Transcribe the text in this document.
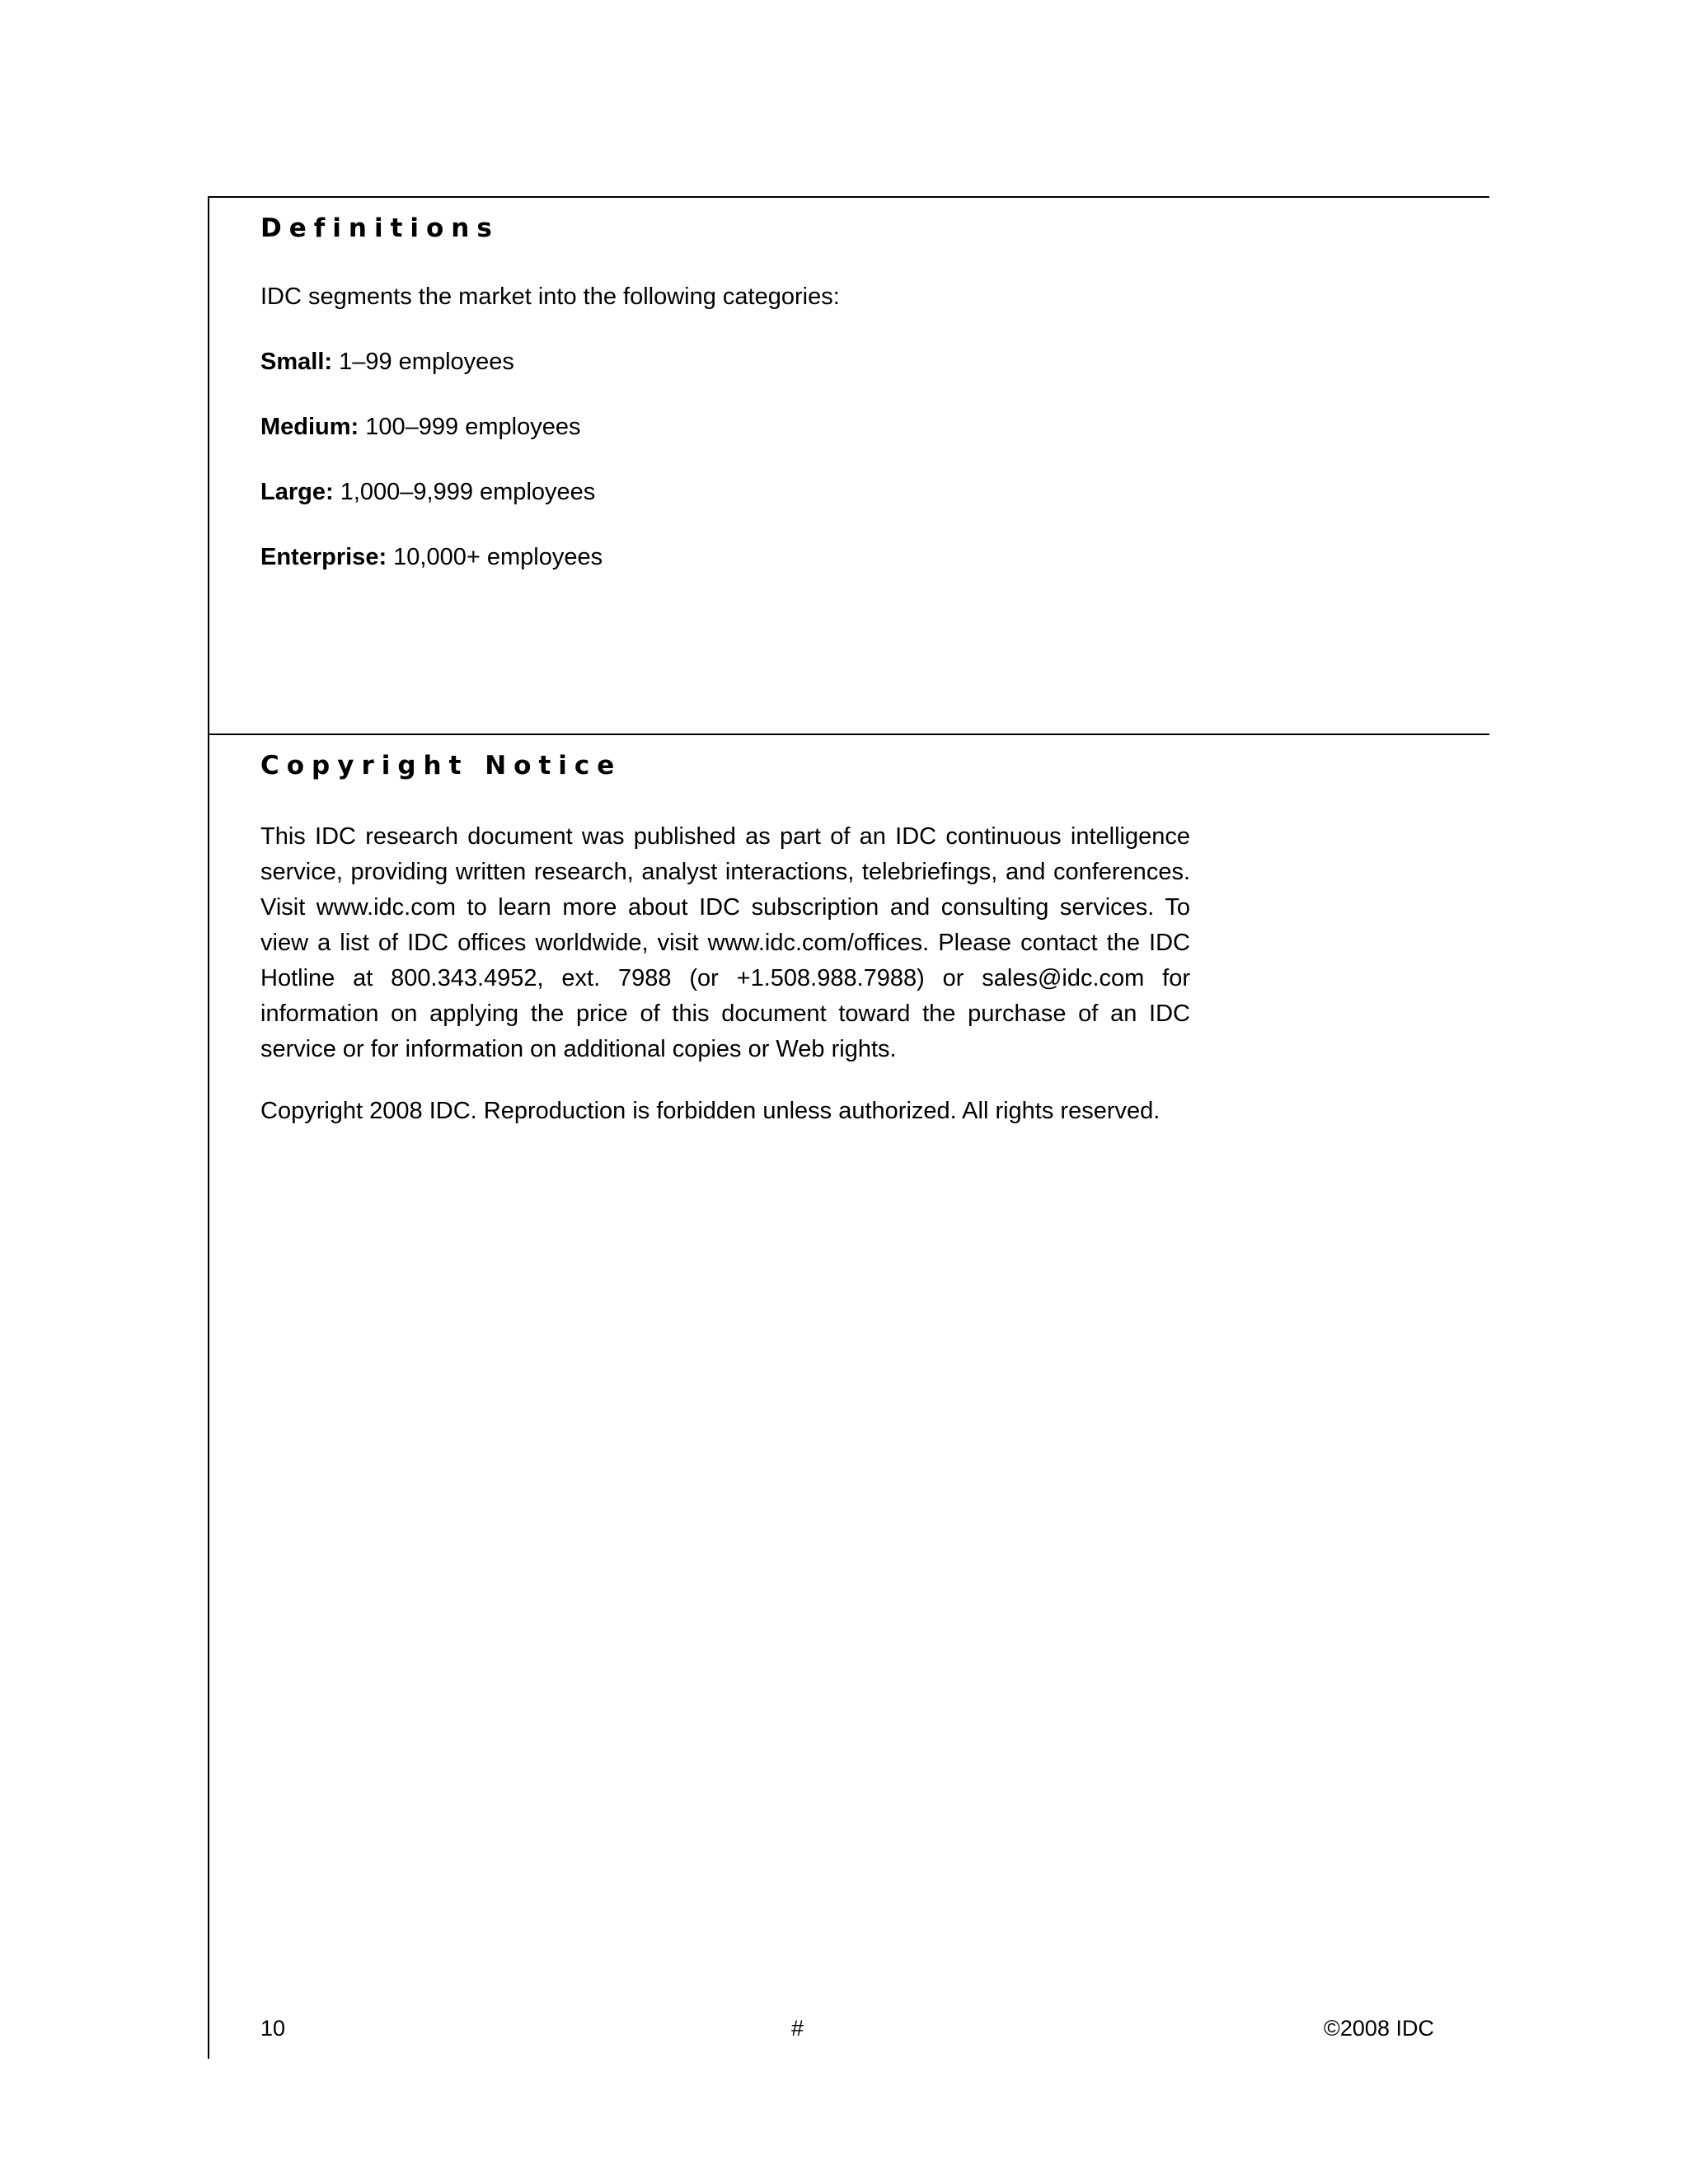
Definitions

IDC segments the market into the following categories:

Small: 1–99 employees

Medium: 100–999 employees

Large: 1,000–9,999 employees

Enterprise: 10,000+ employees

Copyright Notice

This IDC research document was published as part of an IDC continuous intelligence service, providing written research, analyst interactions, telebriefings, and conferences. Visit www.idc.com to learn more about IDC subscription and consulting services. To view a list of IDC offices worldwide, visit www.idc.com/offices. Please contact the IDC Hotline at 800.343.4952, ext. 7988 (or +1.508.988.7988) or sales@idc.com for information on applying the price of this document toward the purchase of an IDC service or for information on additional copies or Web rights.

Copyright 2008 IDC. Reproduction is forbidden unless authorized. All rights reserved.

10	#	©2008 IDC
